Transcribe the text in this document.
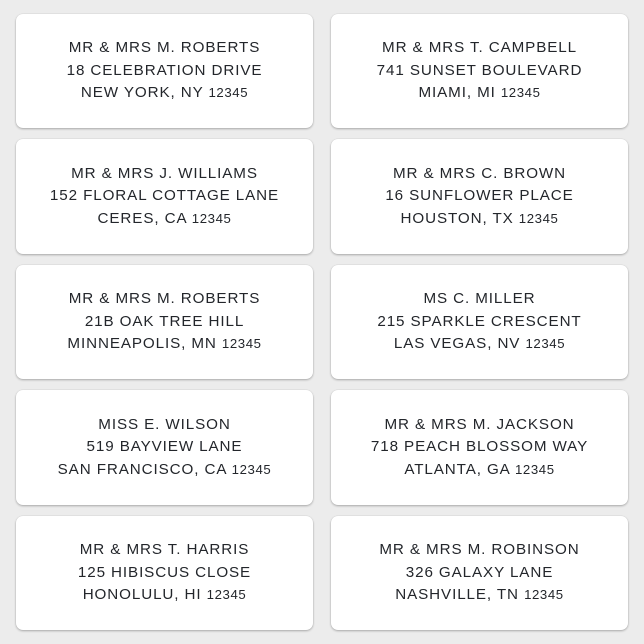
MR & MRS M. ROBERTS
18 CELEBRATION DRIVE
NEW YORK, NY 12345
MR & MRS T. CAMPBELL
741 SUNSET BOULEVARD
MIAMI, MI 12345
MR & MRS J. WILLIAMS
152 FLORAL COTTAGE LANE
CERES, CA 12345
MR & MRS C. BROWN
16 SUNFLOWER PLACE
HOUSTON, TX 12345
MR & MRS M. ROBERTS
21B OAK TREE HILL
MINNEAPOLIS, MN 12345
MS C. MILLER
215 SPARKLE CRESCENT
LAS VEGAS, NV 12345
MISS E. WILSON
519 BAYVIEW LANE
SAN FRANCISCO, CA 12345
MR & MRS M. JACKSON
718 PEACH BLOSSOM WAY
ATLANTA, GA 12345
MR & MRS T. HARRIS
125 HIBISCUS CLOSE
HONOLULU, HI 12345
MR & MRS M. ROBINSON
326 GALAXY LANE
NASHVILLE, TN 12345
